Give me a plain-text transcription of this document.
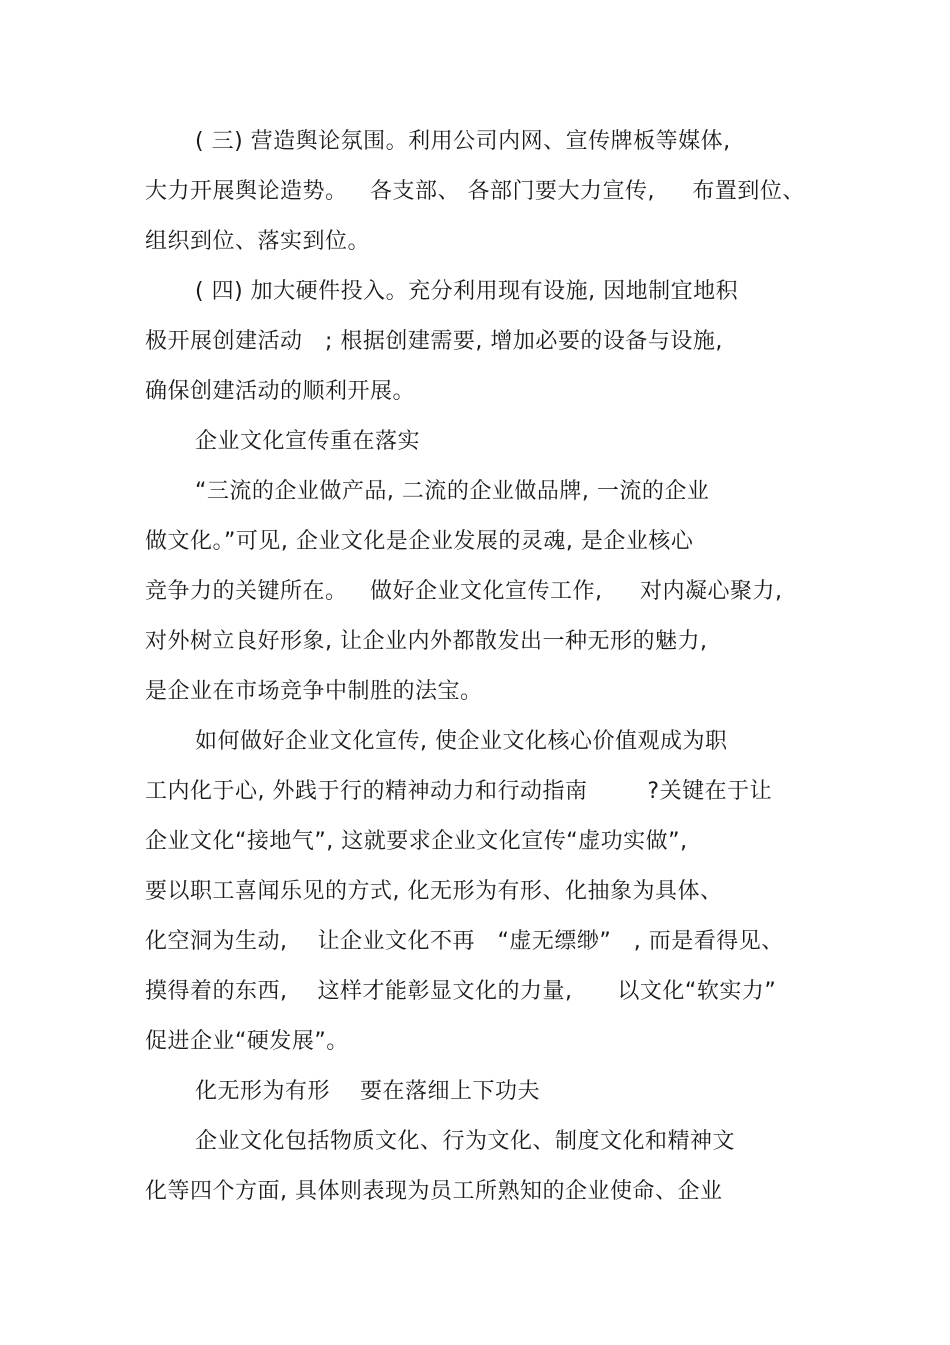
( 三) 营造舆论氛围。利用公司内网、宣传牌板等媒体,
大力开展舆论造势。   各支部、 各部门要大力宣传,     布置到位、
组织到位、落实到位。
( 四) 加大硬件投入。充分利用现有设施, 因地制宜地积
极开展创建活动   ; 根据创建需要, 增加必要的设备与设施,
确保创建活动的顺利开展。
企业文化宣传重在落实
“三流的企业做产品, 二流的企业做品牌, 一流的企业
做文化。”可见, 企业文化是企业发展的灵魂, 是企业核心
竞争力的关键所在。   做好企业文化宣传工作,     对内凝心聚力,
对外树立良好形象, 让企业内外都散发出一种无形的魅力,
是企业在市场竞争中制胜的法宝。
如何做好企业文化宣传, 使企业文化核心价值观成为职
工内化于心, 外践于行的精神动力和行动指南        ?关键在于让
企业文化“接地气”, 这就要求企业文化宣传“虚功实做”,
要以职工喜闻乐见的方式, 化无形为有形、化抽象为具体、
化空洞为生动,    让企业文化不再   “虚无缥缈”   , 而是看得见、
摸得着的东西,    这样才能彰显文化的力量,      以文化“软实力”
促进企业“硬发展”。
化无形为有形    要在落细上下功夫
企业文化包括物质文化、行为文化、制度文化和精神文
化等四个方面, 具体则表现为员工所熟知的企业使命、企业
